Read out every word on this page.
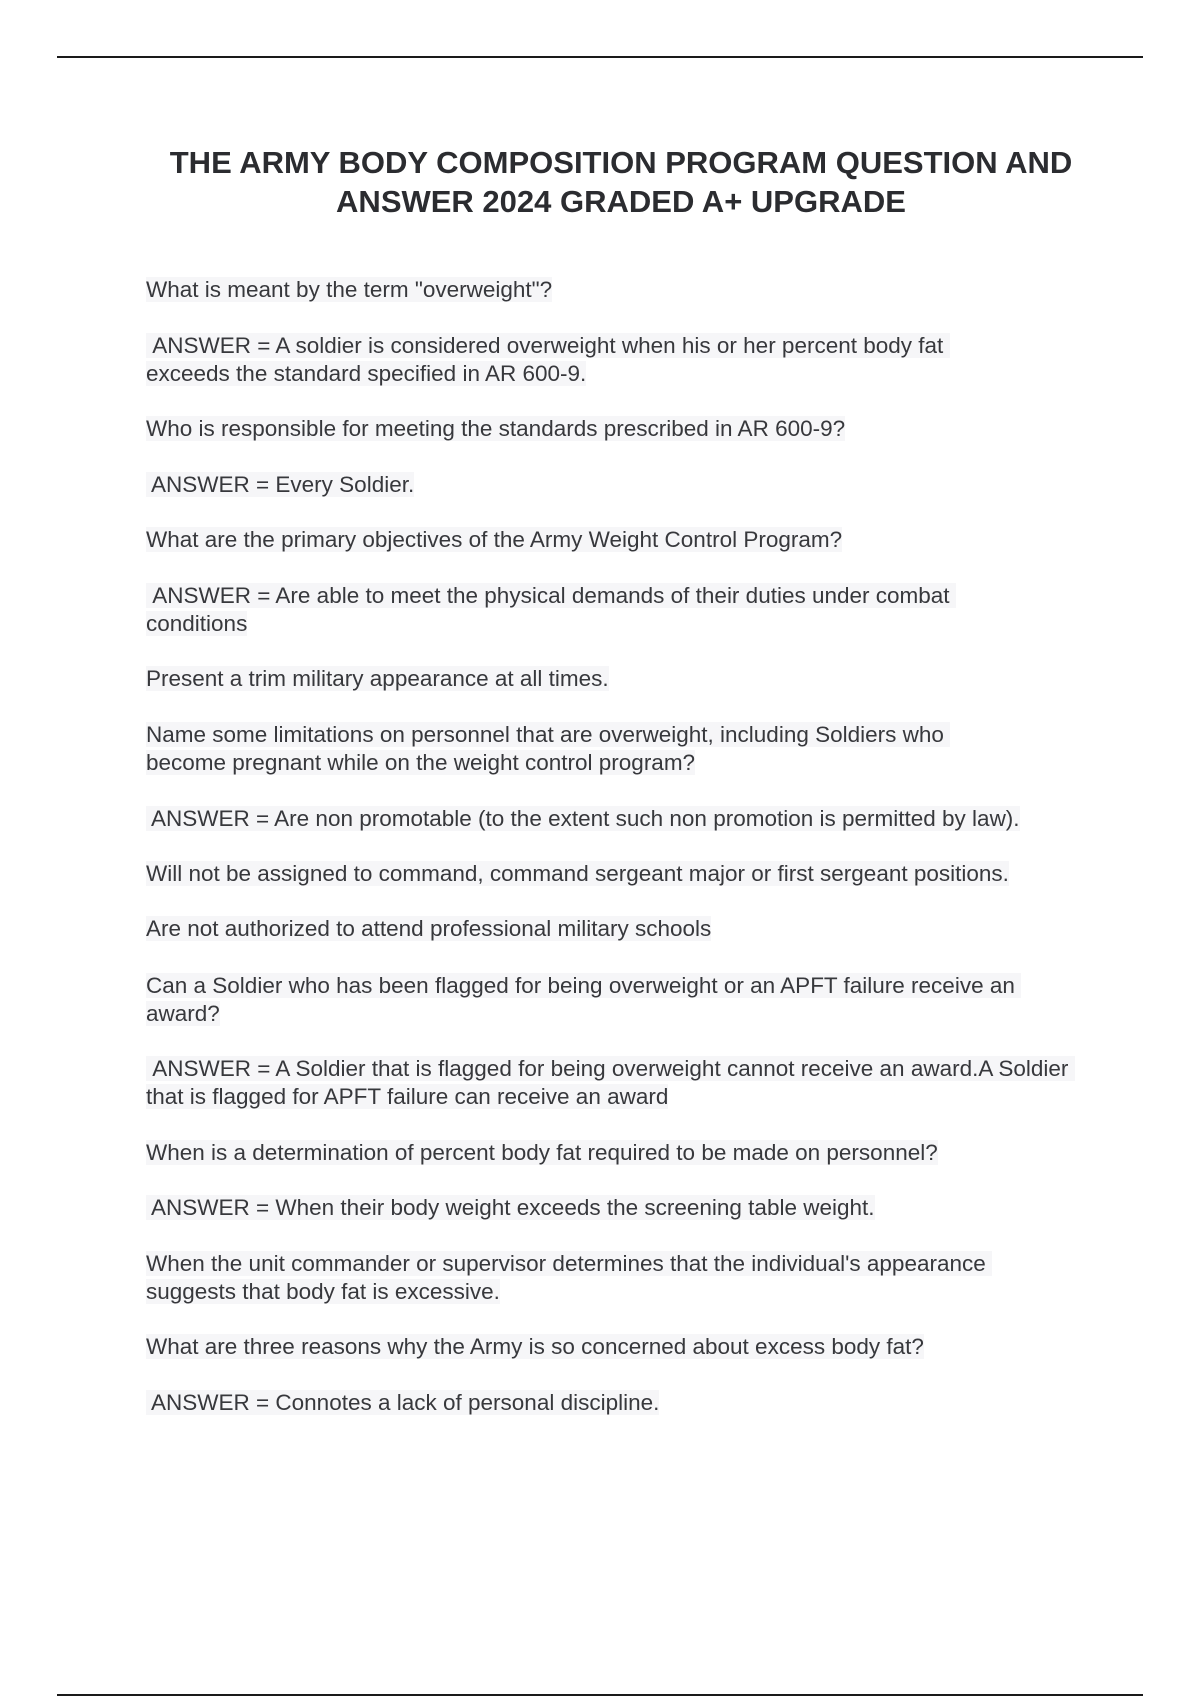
THE ARMY BODY COMPOSITION PROGRAM QUESTION AND
ANSWER 2024 GRADED A+ UPGRADE

What is meant by the term "overweight"?

ANSWER = A soldier is considered overweight when his or her percent body fat exceeds the standard specified in AR 600-9.

Who is responsible for meeting the standards prescribed in AR 600-9?

ANSWER = Every Soldier.

What are the primary objectives of the Army Weight Control Program?

ANSWER = Are able to meet the physical demands of their duties under combat conditions

Present a trim military appearance at all times.

Name some limitations on personnel that are overweight, including Soldiers who become pregnant while on the weight control program?

ANSWER = Are non promotable (to the extent such non promotion is permitted by law).

Will not be assigned to command, command sergeant major or first sergeant positions.

Are not authorized to attend professional military schools

Can a Soldier who has been flagged for being overweight or an APFT failure receive an award?

ANSWER = A Soldier that is flagged for being overweight cannot receive an award.A Soldier that is flagged for APFT failure can receive an award

When is a determination of percent body fat required to be made on personnel?

ANSWER = When their body weight exceeds the screening table weight.

When the unit commander or supervisor determines that the individual's appearance suggests that body fat is excessive.

What are three reasons why the Army is so concerned about excess body fat?

ANSWER = Connotes a lack of personal discipline.
